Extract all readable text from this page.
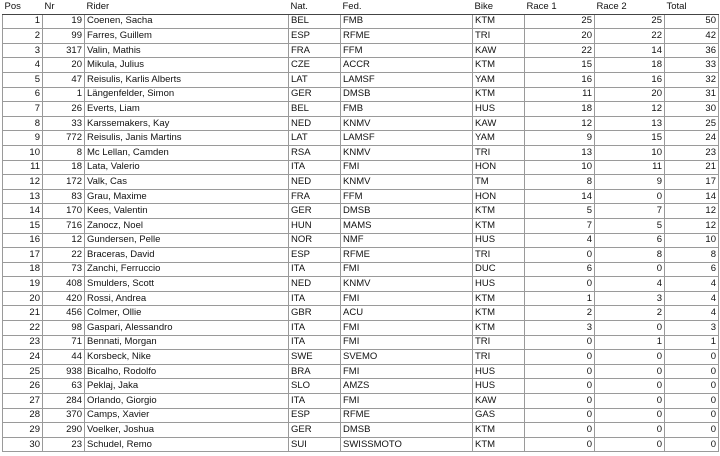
Pos	Nr	Rider	Nat.	Fed.	Bike	Race 1	Race 2	Total
1	19	Coenen, Sacha	BEL	FMB	KTM	25	25	50
2	99	Farres, Guillem	ESP	RFME	TRI	20	22	42
3	317	Valin, Mathis	FRA	FFM	KAW	22	14	36
4	20	Mikula, Julius	CZE	ACCR	KTM	15	18	33
5	47	Reisulis, Karlis Alberts	LAT	LAMSF	YAM	16	16	32
6	1	Längenfelder, Simon	GER	DMSB	KTM	11	20	31
7	26	Everts, Liam	BEL	FMB	HUS	18	12	30
8	33	Karssemakers, Kay	NED	KNMV	KAW	12	13	25
9	772	Reisulis, Janis Martins	LAT	LAMSF	YAM	9	15	24
10	8	Mc Lellan, Camden	RSA	KNMV	TRI	13	10	23
11	18	Lata, Valerio	ITA	FMI	HON	10	11	21
12	172	Valk, Cas	NED	KNMV	TM	8	9	17
13	83	Grau, Maxime	FRA	FFM	HON	14	0	14
14	170	Kees, Valentin	GER	DMSB	KTM	5	7	12
15	716	Zanocz, Noel	HUN	MAMS	KTM	7	5	12
16	12	Gundersen, Pelle	NOR	NMF	HUS	4	6	10
17	22	Braceras, David	ESP	RFME	TRI	0	8	8
18	73	Zanchi, Ferruccio	ITA	FMI	DUC	6	0	6
19	408	Smulders, Scott	NED	KNMV	HUS	0	4	4
20	420	Rossi, Andrea	ITA	FMI	KTM	1	3	4
21	456	Colmer, Ollie	GBR	ACU	KTM	2	2	4
22	98	Gaspari, Alessandro	ITA	FMI	KTM	3	0	3
23	71	Bennati, Morgan	ITA	FMI	TRI	0	1	1
24	44	Korsbeck, Nike	SWE	SVEMO	TRI	0	0	0
25	938	Bicalho, Rodolfo	BRA	FMI	HUS	0	0	0
26	63	Peklaj, Jaka	SLO	AMZS	HUS	0	0	0
27	284	Orlando, Giorgio	ITA	FMI	KAW	0	0	0
28	370	Camps, Xavier	ESP	RFME	GAS	0	0	0
29	290	Voelker, Joshua	GER	DMSB	KTM	0	0	0
30	23	Schudel, Remo	SUI	SWISSMOTO	KTM	0	0	0
